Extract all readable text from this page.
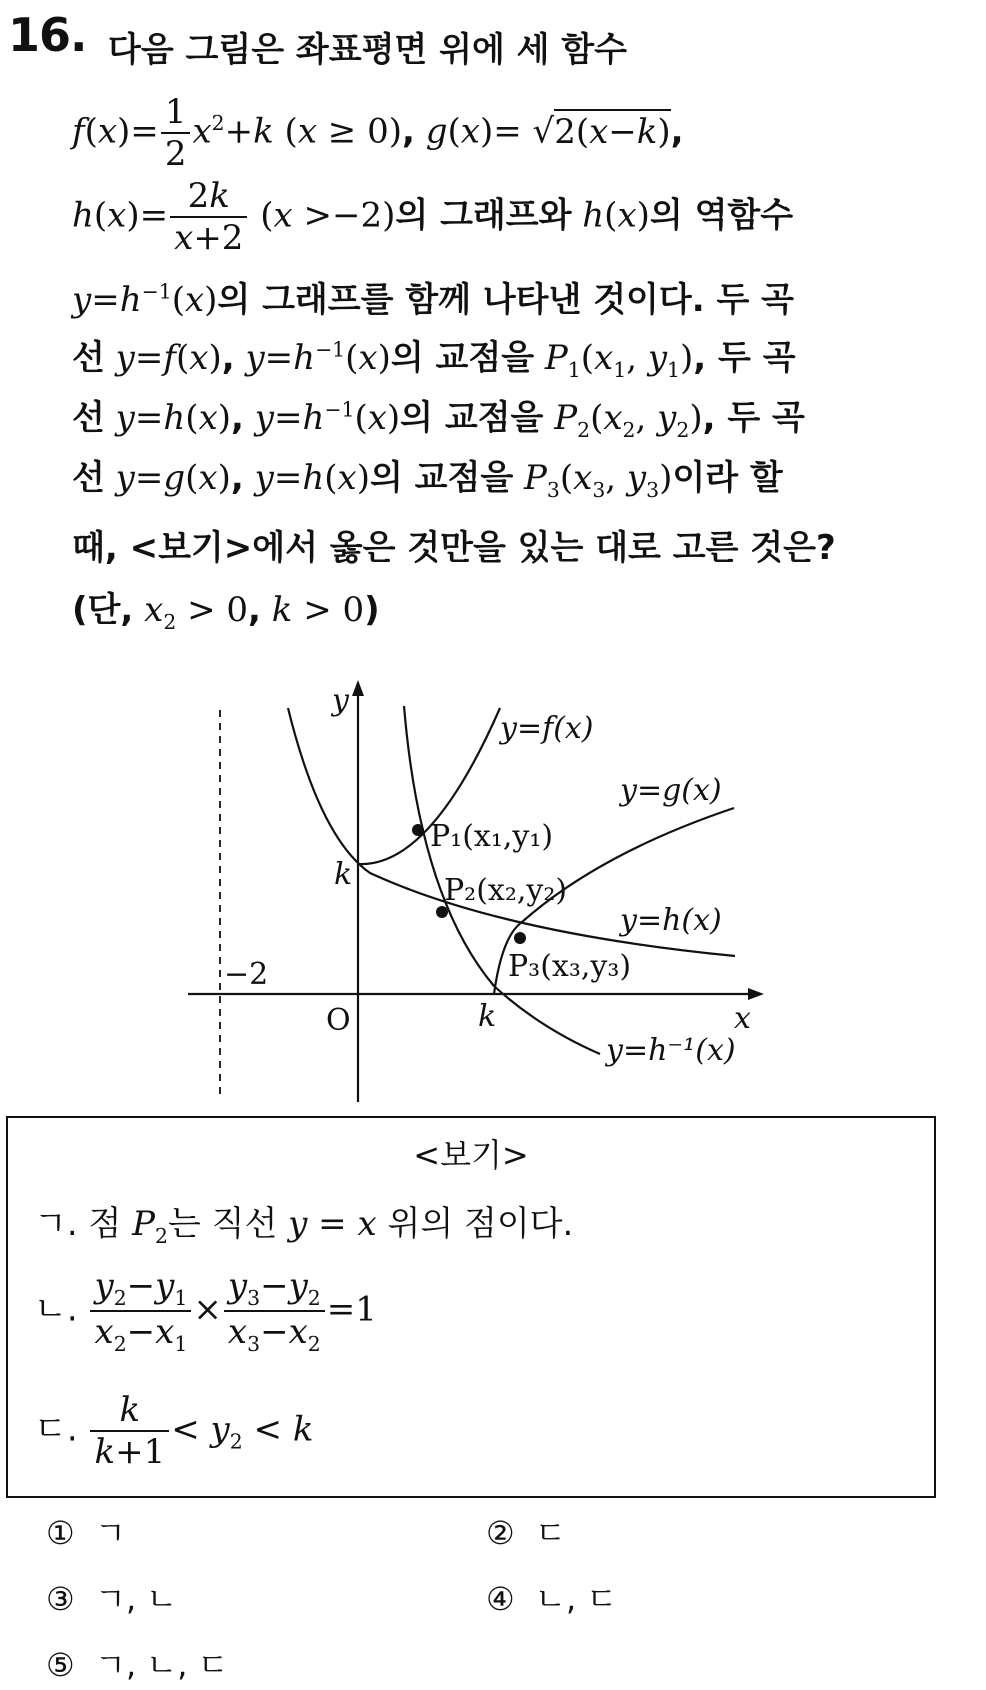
16. 다음 그림은 좌표평면 위에 세 함수
$f(x)= \frac{1}{2} x^2+k$ (x ≥ 0), g(x)= √2(x−k),
$h(x)= \frac{2k}{x+2} (x >-2)$의 그래프와 h(x)의 역함수
$y=h^{-1}(x)$의 그래프를 함께 나타낸 것이다. 두 곡
선 y=f(x), $y=h^{-1}(x)$의 교점을 $P_1(x_1$, $y_1$), 두 곡
선 y=h(x), $y=h^{-1}(x)$의 교점을 $P_2(x_2$, $y_2$), 두 곡
선 y=g(x), y=h(x)의 교점을 $P_3(x_3$, $y_3$)이라 할
때, <보기>에서 옳은 것만을 있는 대로 고른 것은?
(단, $x_2 > 0$, k > 0)
y
x
k
k
y=f(x)
y=g(x)
y=h(x)
y=h⁻¹(x)
O
−2
P₁(x₁,y₁)
P₂(x₂,y₂)
P₃(x₃,y₃)
<보기>
ㄱ. 점 $P_2$는 직선 y = x 위의 점이다.
ㄴ. $\frac{y_2-y_1}{x_2-x_1} \times \frac{y_3-y_2}{x_3-x_2} =1$
ㄷ. $\frac{k}{k+1} < y_2 < k$
① ㄱ	② ㄷ
③ ㄱ, ㄴ	④ ㄴ, ㄷ
⑤ ㄱ, ㄴ, ㄷ
